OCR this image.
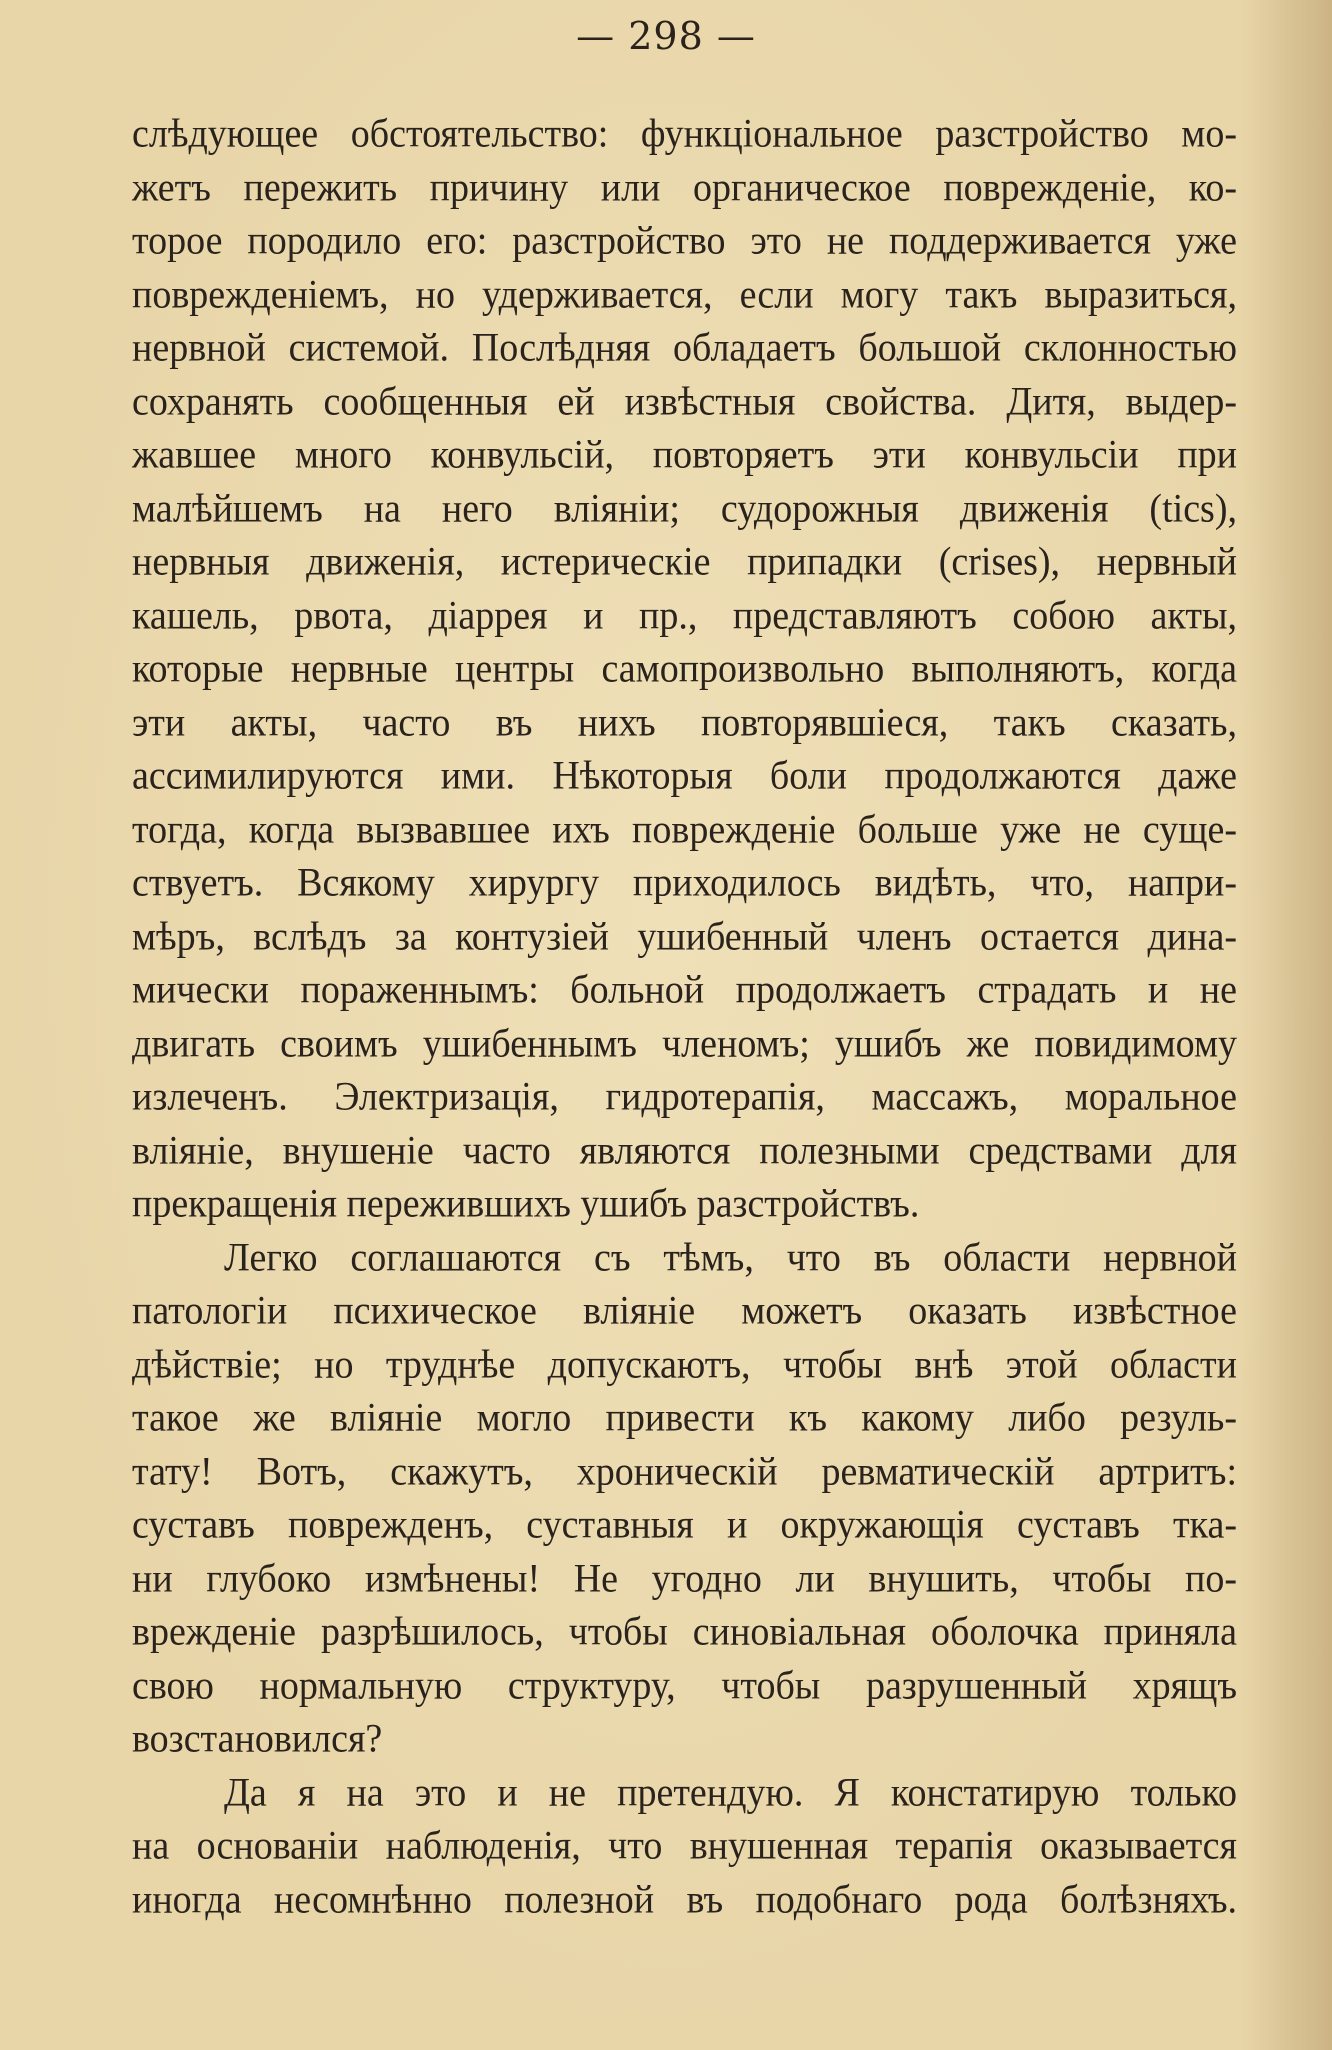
— 298 —
слѣдующее обстоятельство: функціональное разстройство мо-
жетъ пережить причину или органическое поврежденіе, ко-
торое породило его: разстройство это не поддерживается уже
поврежденіемъ, но удерживается, если могу такъ выразиться,
нервной системой. Послѣдняя обладаетъ большой склонностью
сохранять сообщенныя ей извѣстныя свойства. Дитя, выдер-
жавшее много конвульсій, повторяетъ эти конвульсіи при
малѣйшемъ на него вліяніи; судорожныя движенія (tics),
нервныя движенія, истерическіе припадки (crises), нервный
кашель, рвота, діаррея и пр., представляютъ собою акты,
которые нервные центры самопроизвольно выполняютъ, когда
эти акты, часто въ нихъ повторявшіеся, такъ сказать,
ассимилируются ими. Нѣкоторыя боли продолжаются даже
тогда, когда вызвавшее ихъ поврежденіе больше уже не суще-
ствуетъ. Всякому хирургу приходилось видѣть, что, напри-
мѣръ, вслѣдъ за контузіей ушибенный членъ остается дина-
мически пораженнымъ: больной продолжаетъ страдать и не
двигать своимъ ушибеннымъ членомъ; ушибъ же повидимому
излеченъ. Электризація, гидротерапія, массажъ, моральное
вліяніе, внушеніе часто являются полезными средствами для
прекращенія пережившихъ ушибъ разстройствъ.
Легко соглашаются съ тѣмъ, что въ области нервной
патологіи психическое вліяніе можетъ оказать извѣстное
дѣйствіе; но труднѣе допускаютъ, чтобы внѣ этой области
такое же вліяніе могло привести къ какому либо резуль-
тату! Вотъ, скажутъ, хроническій ревматическій артритъ:
суставъ поврежденъ, суставныя и окружающія суставъ тка-
ни глубоко измѣнены! Не угодно ли внушить, чтобы по-
врежденіе разрѣшилось, чтобы синовіальная оболочка приняла
свою нормальную структуру, чтобы разрушенный хрящъ
возстановился?
Да я на это и не претендую. Я констатирую только
на основаніи наблюденія, что внушенная терапія оказывается
иногда несомнѣнно полезной въ подобнаго рода болѣзняхъ.
